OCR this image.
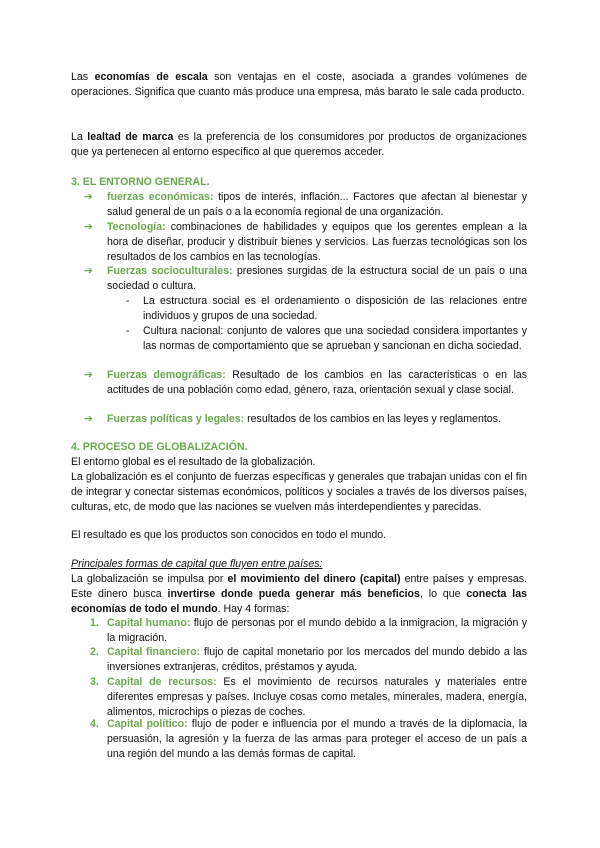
Las economías de escala son ventajas en el coste, asociada a grandes volúmenes de operaciones. Significa que cuanto más produce una empresa, más barato le sale cada producto.

La lealtad de marca es la preferencia de los consumidores por productos de organizaciones que ya pertenecen al entorno específico al que queremos acceder.

3. EL ENTORNO GENERAL.

➔	fuerzas económicas: tipos de interés, inflación... Factores que afectan al bienestar y salud general de un país o a la economía regional de una organización.
➔	Tecnología: combinaciones de habilidades y equipos que los gerentes emplean a la hora de diseñar, producir y distribuir bienes y servicios. Las fuerzas tecnológicas son los resultados de los cambios en las tecnologías.
➔	Fuerzas socioculturales: presiones surgidas de la estructura social de un país o una sociedad o cultura.
- La estructura social es el ordenamiento o disposición de las relaciones entre individuos y grupos de una sociedad.
- Cultura nacional: conjunto de valores que una sociedad considera importantes y las normas de comportamiento que se aprueban y sancionan en dicha sociedad.
➔	Fuerzas demográficas: Resultado de los cambios en las características o en las actitudes de una población como edad, género, raza, orientación sexual y clase social.
➔	Fuerzas políticas y legales: resultados de los cambios en las leyes y reglamentos.

4. PROCESO DE GLOBALIZACIÓN.

El entorno global es el resultado de la globalización.

La globalización es el conjunto de fuerzas específicas y generales que trabajan unidas con el fin de integrar y conectar sistemas económicos, políticos y sociales a través de los diversos países, culturas, etc, de modo que las naciones se vuelven más interdependientes y parecidas.

El resultado es que los productos son conocidos en todo el mundo.

Principales formas de capital que fluyen entre países:

La globalización se impulsa por el movimiento del dinero (capital) entre países y empresas. Este dinero busca invertirse donde pueda generar más beneficios, lo que conecta las economías de todo el mundo. Hay 4 formas:

1. Capital humano: flujo de personas por el mundo debido a la inmigracion, la migración y la migración.
2. Capital financiero: flujo de capital monetario por los mercados del mundo debido a las inversiones extranjeras, créditos, préstamos y ayuda.
3. Capital de recursos: Es el movimiento de recursos naturales y materiales entre diferentes empresas y países. Incluye cosas como metales, minerales, madera, energía, alimentos, microchips o piezas de coches.
4. Capital político: flujo de poder e influencia por el mundo a través de la diplomacia, la persuasión, la agresión y la fuerza de las armas para proteger el acceso de un país a una región del mundo a las demás formas de capital.
